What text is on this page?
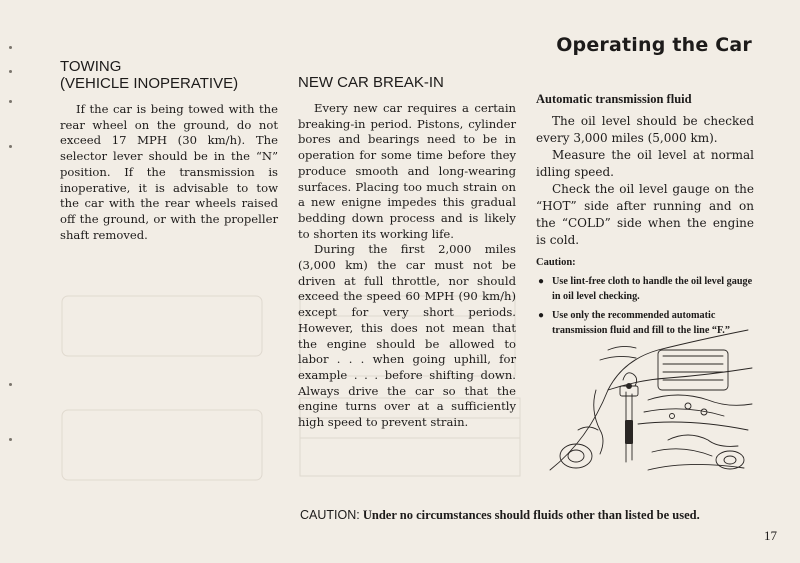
Operating the Car
TOWING
(VEHICLE INOPERATIVE)

If the car is being towed with the rear wheel on the ground, do not exceed 17 MPH (30 km/h). The selector lever should be in the “N” position. If the transmission is inoperative, it is advisable to tow the car with the rear wheels raised off the ground, or with the propeller shaft removed.

NEW CAR BREAK-IN

Every new car requires a certain breaking-in period. Pistons, cylinder bores and bearings need to be in operation for some time before they produce smooth and long-wearing surfaces. Placing too much strain on a new enigne impedes this gradual bedding down process and is likely to shorten its working life.

During the first 2,000 miles (3,000 km) the car must not be driven at full throttle, nor should exceed the speed 60 MPH (90 km/h) except for very short periods. However, this does not mean that the engine should be allowed to labor . . . when going uphill, for example . . . before shifting down. Always drive the car so that the engine turns over at a sufficiently high speed to prevent strain.

Automatic transmission fluid

The oil level should be checked every 3,000 miles (5,000 km).

Measure the oil level at normal idling speed.

Check the oil level gauge on the “HOT” side after running and on the “COLD” side when the engine is cold.

Caution:
● Use lint-free cloth to handle the oil level gauge in oil level checking.
● Use only the recommended automatic transmission fluid and fill to the line “F.”
CAUTION: Under no circumstances should fluids other than listed be used.
17
